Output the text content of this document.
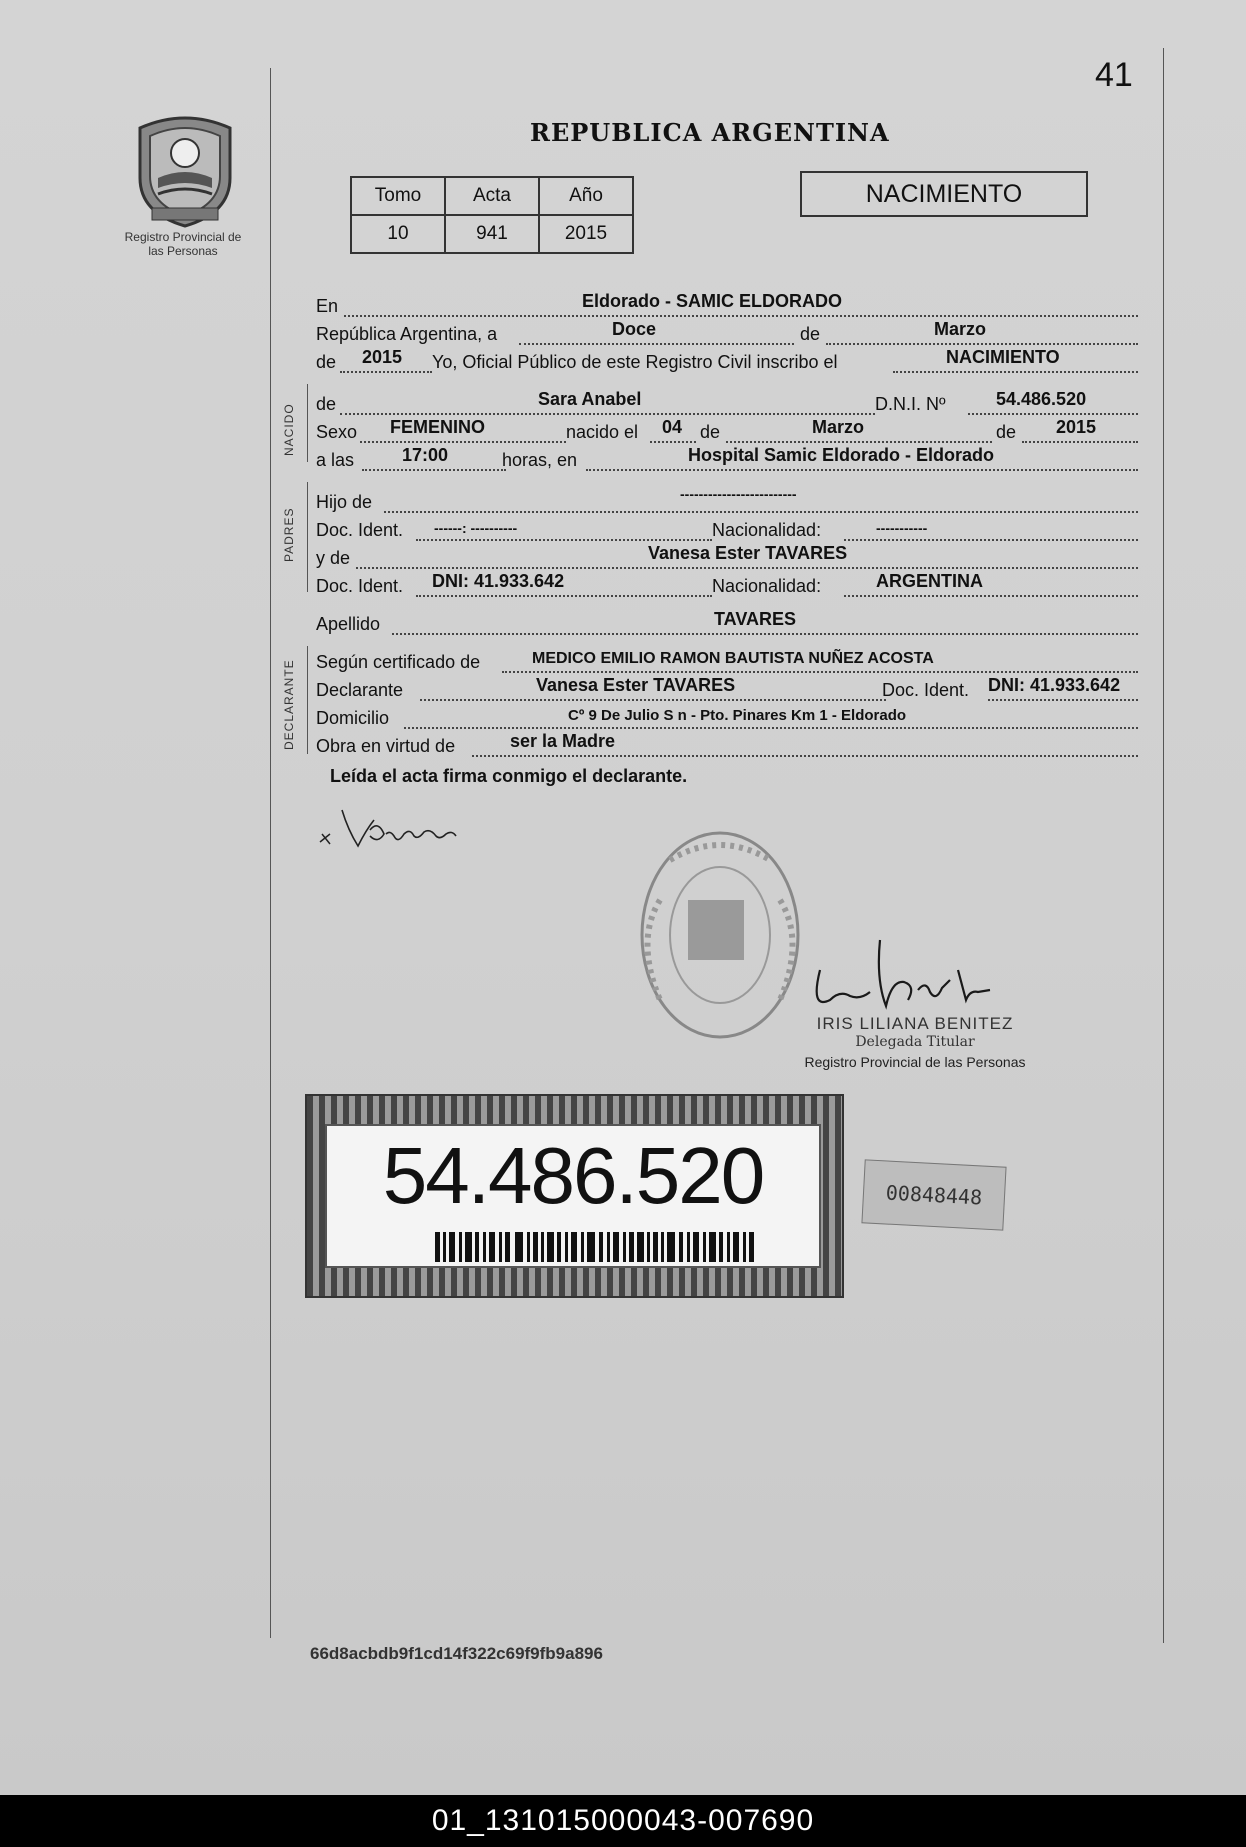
41
Registro Provincial de las Personas
REPUBLICA ARGENTINA
Tomo	Acta	Año
10	941	2015
NACIMIENTO
NACIDO
PADRES
DECLARANTE
En	Eldorado - SAMIC ELDORADO
República Argentina, a	Doce	de	Marzo
de 2015 Yo, Oficial Público de este Registro Civil inscribo el	NACIMIENTO
de	Sara Anabel	D.N.I. Nº	54.486.520
Sexo FEMENINO	nacido el 04 de	Marzo	de 2015
a las	17:00	horas, en	Hospital Samic Eldorado - Eldorado
Hijo de	-------------------------
Doc. Ident. ------: ----------	Nacionalidad:	-----------
y de	Vanesa Ester TAVARES
Doc. Ident. DNI: 41.933.642	Nacionalidad:	ARGENTINA
Apellido	TAVARES
Según certificado de	MEDICO EMILIO RAMON BAUTISTA NUÑEZ ACOSTA
Declarante	Vanesa Ester TAVARES	Doc. Ident. DNI: 41.933.642
Domicilio	Cº 9 De Julio S n - Pto. Pinares Km 1 - Eldorado
Obra en virtud de	ser la Madre
Leída el acta firma conmigo el declarante.
IRIS LILIANA BENITEZ
Delegada Titular
Registro Provincial de las Personas
54.486.520	00848448
66d8acbdb9f1cd14f322c69f9fb9a896
01_131015000043-007690
